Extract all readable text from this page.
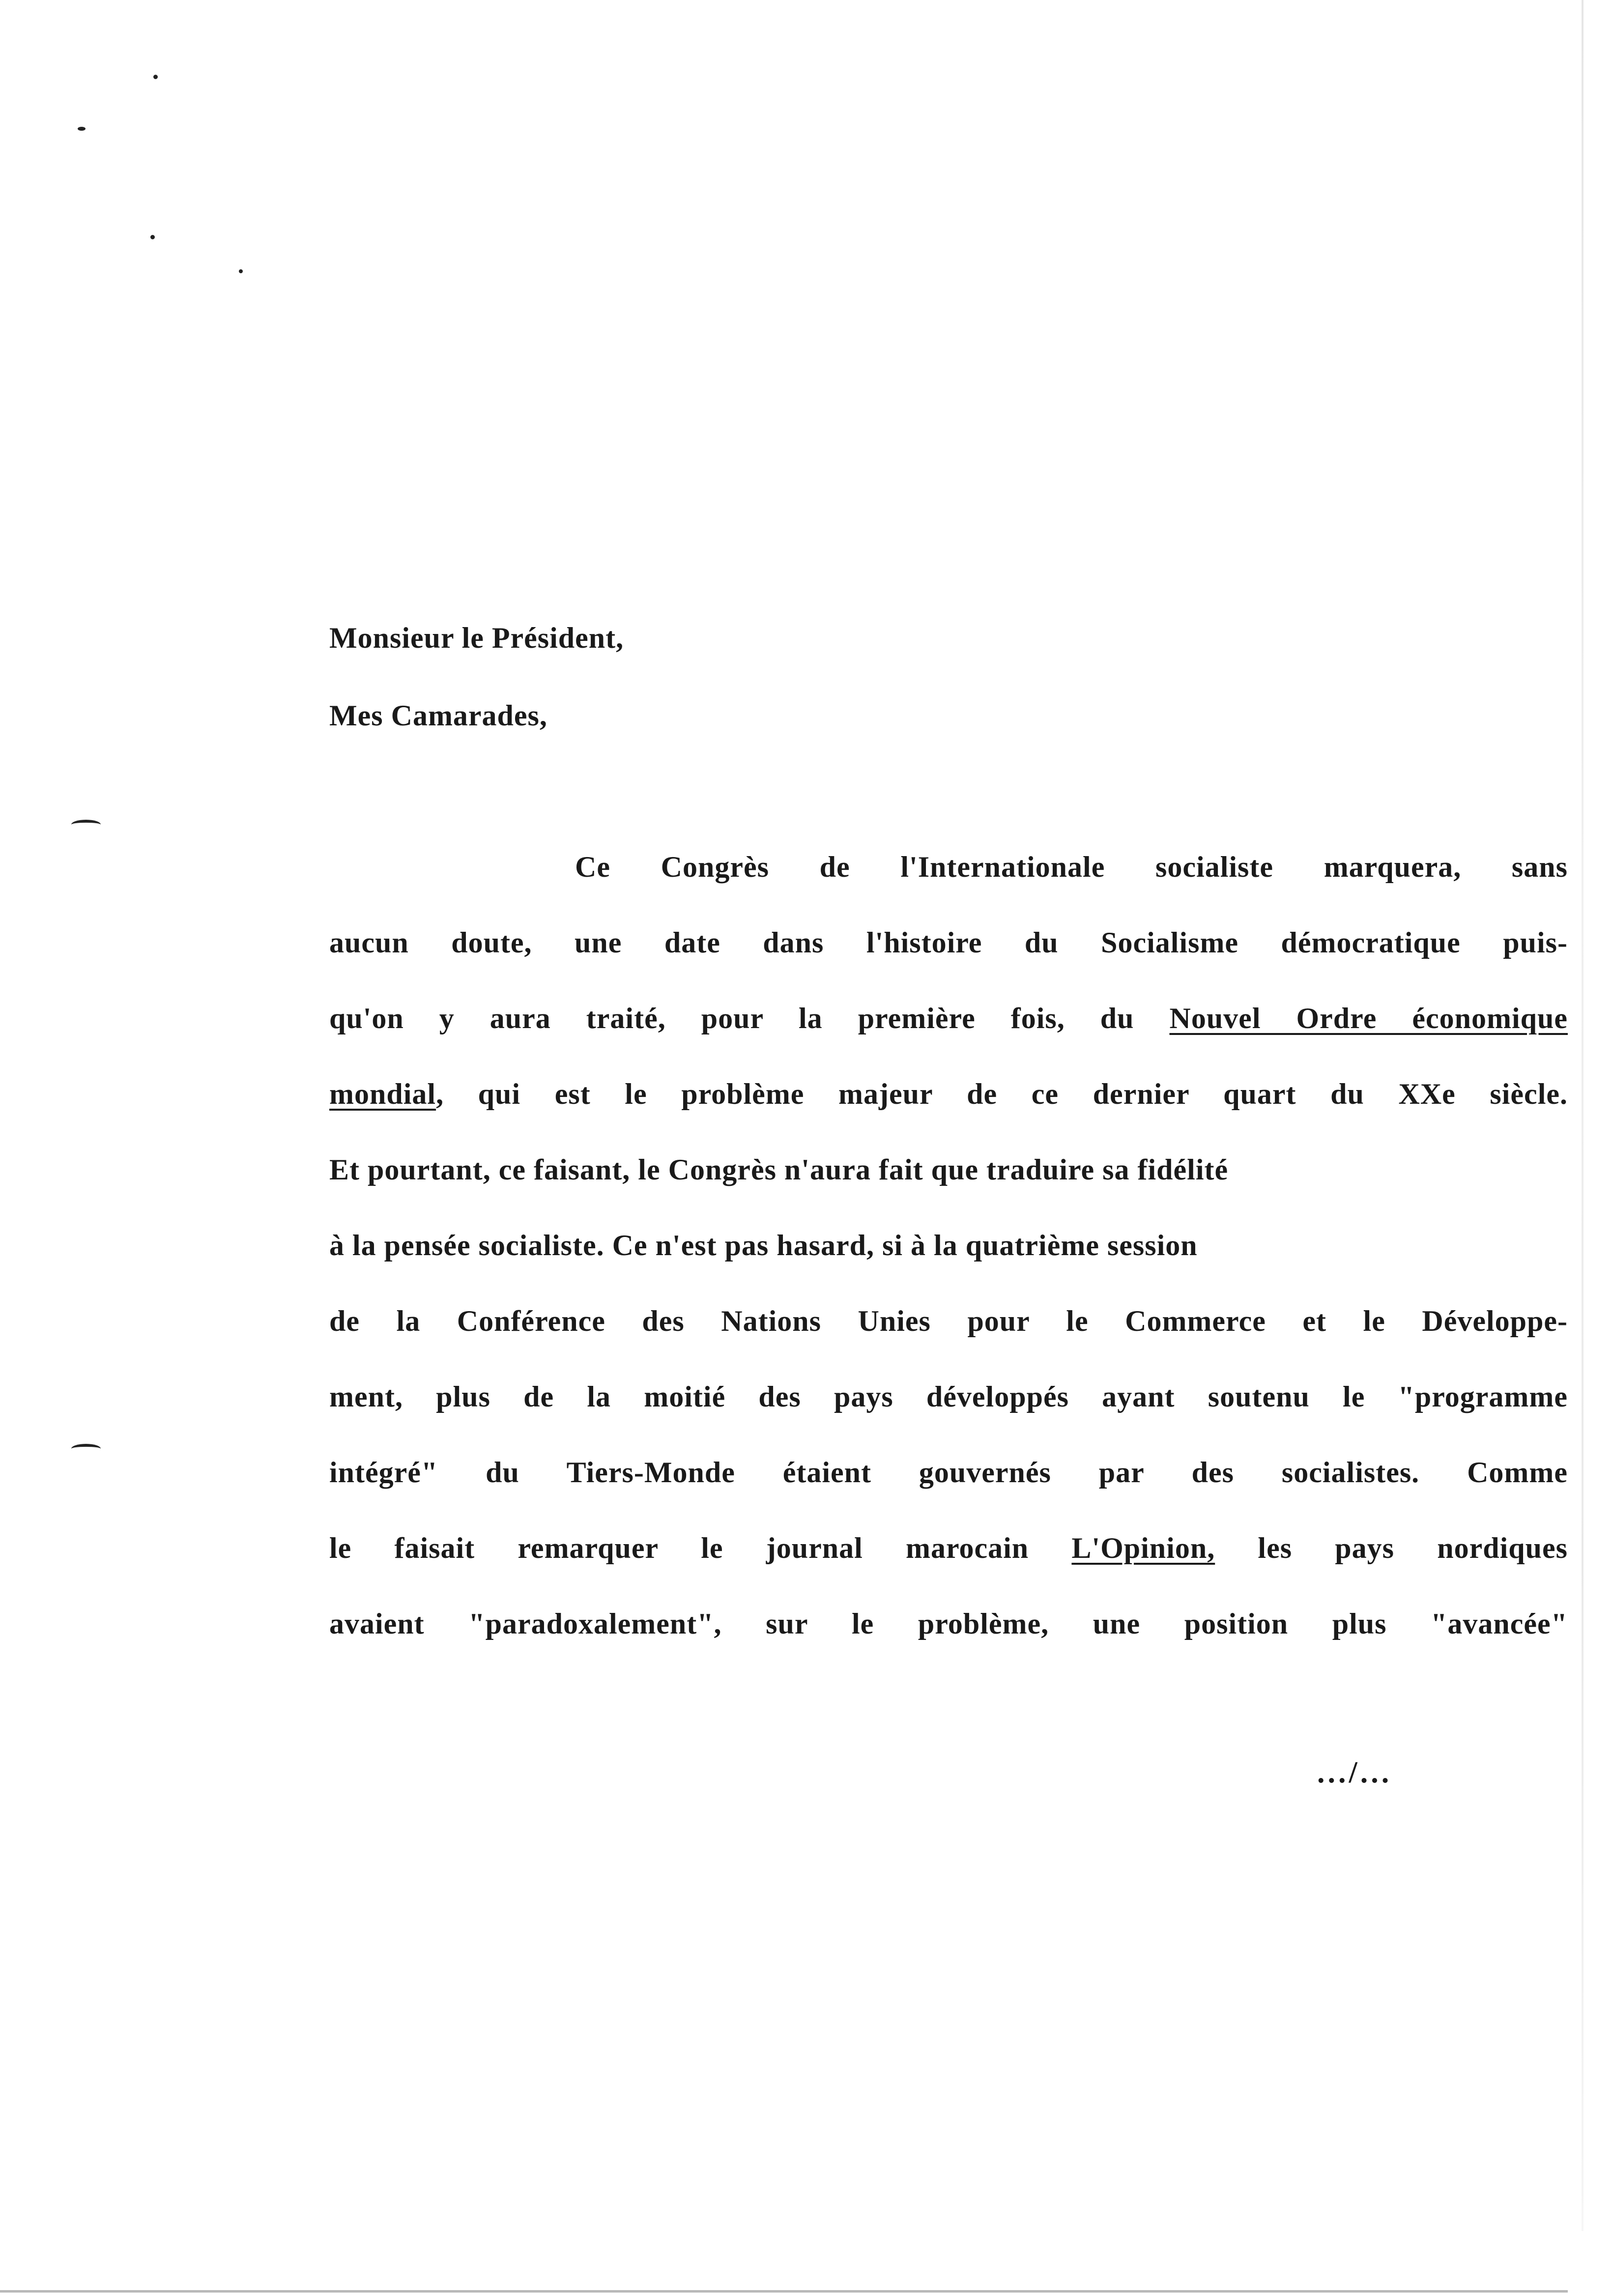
Monsieur le Président,
Mes Camarades,
Ce Congrès de l'Internationale socialiste marquera, sans
aucun doute, une date dans l'histoire du Socialisme démocratique puis-
qu'on y aura traité, pour la première fois, du Nouvel Ordre économique
mondial, qui est le problème majeur de ce dernier quart du XXe siècle.
Et pourtant, ce faisant, le Congrès n'aura fait que traduire sa fidélité
à la pensée socialiste. Ce n'est pas hasard, si à la quatrième session
de la Conférence des Nations Unies pour le Commerce et le Développe-
ment, plus de la moitié des pays développés ayant soutenu le "programme
intégré" du Tiers-Monde étaient gouvernés par des socialistes. Comme
le faisait remarquer le journal marocain L'Opinion, les pays nordiques
avaient "paradoxalement", sur le problème, une position plus "avancée"
.../...
